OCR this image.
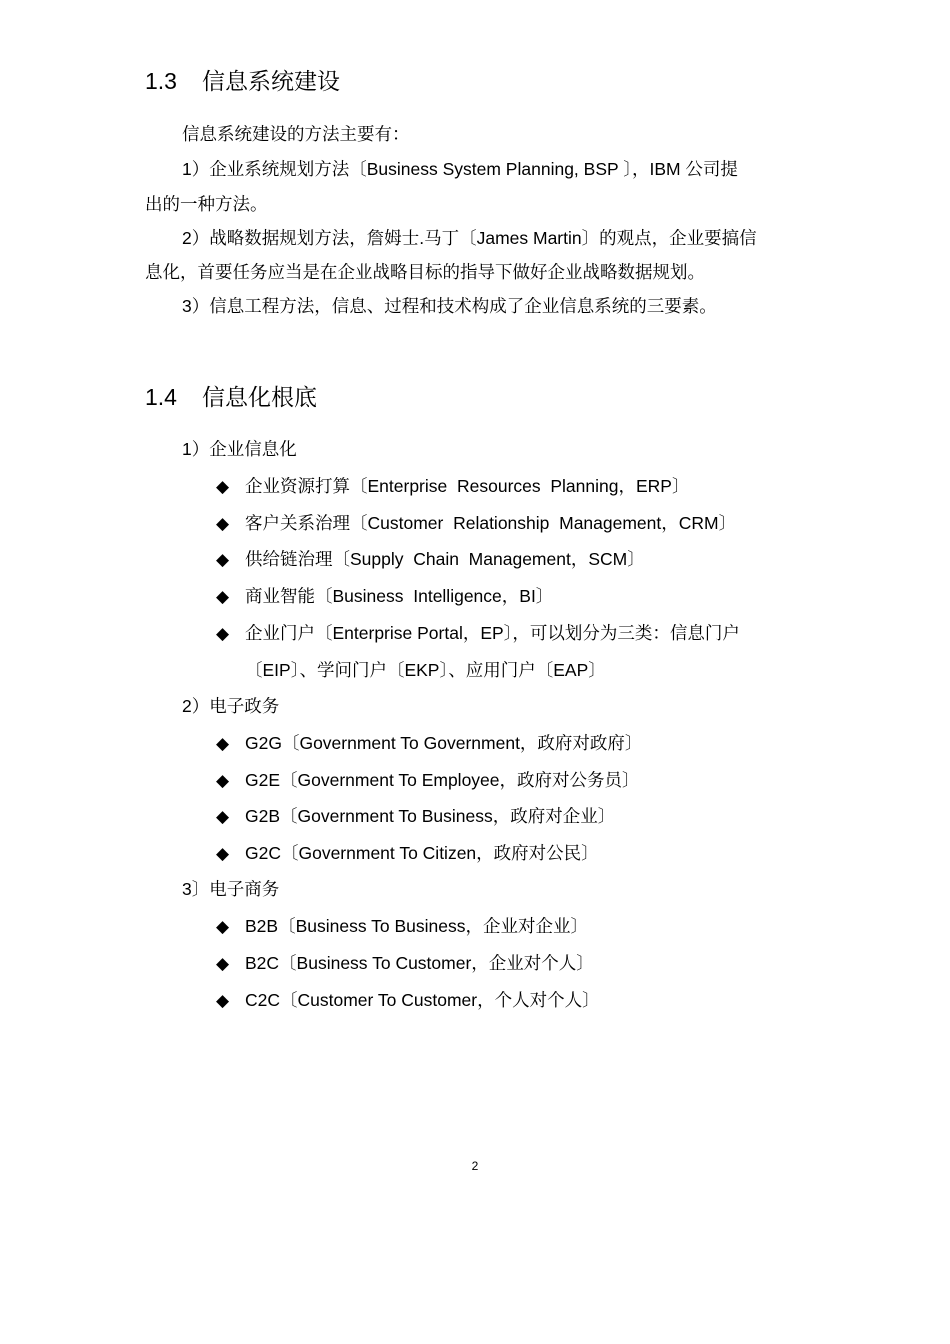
1.3 信息系统建设
信息系统建设的方法主要有：
1）企业系统规划方法〔Business System Planning, BSP 〕，IBM 公司提
出的一种方法。
2）战略数据规划方法，詹姆士.马丁〔James Martin〕的观点，企业要搞信
息化，首要任务应当是在企业战略目标的指导下做好企业战略数据规划。
3）信息工程方法，信息、过程和技术构成了企业信息系统的三要素。
1.4 信息化根底
1）企业信息化
◆ 企业资源打算〔Enterprise  Resources  Planning，ERP〕
◆ 客户关系治理〔Customer  Relationship  Management，CRM〕
◆ 供给链治理〔Supply  Chain  Management，SCM〕
◆ 商业智能〔Business  Intelligence，BI〕
◆ 企业门户〔Enterprise Portal，EP〕，可以划分为三类：信息门户
〔EIP〕、学问门户〔EKP〕、应用门户〔EAP〕
2）电子政务
◆ G2G〔Government To Government，政府对政府〕
◆ G2E〔Government To Employee，政府对公务员〕
◆ G2B〔Government To Business，政府对企业〕
◆ G2C〔Government To Citizen，政府对公民〕
3〕电子商务
◆ B2B〔Business To Business，企业对企业〕
◆ B2C〔Business To Customer，企业对个人〕
◆ C2C〔Customer To Customer，个人对个人〕
2
